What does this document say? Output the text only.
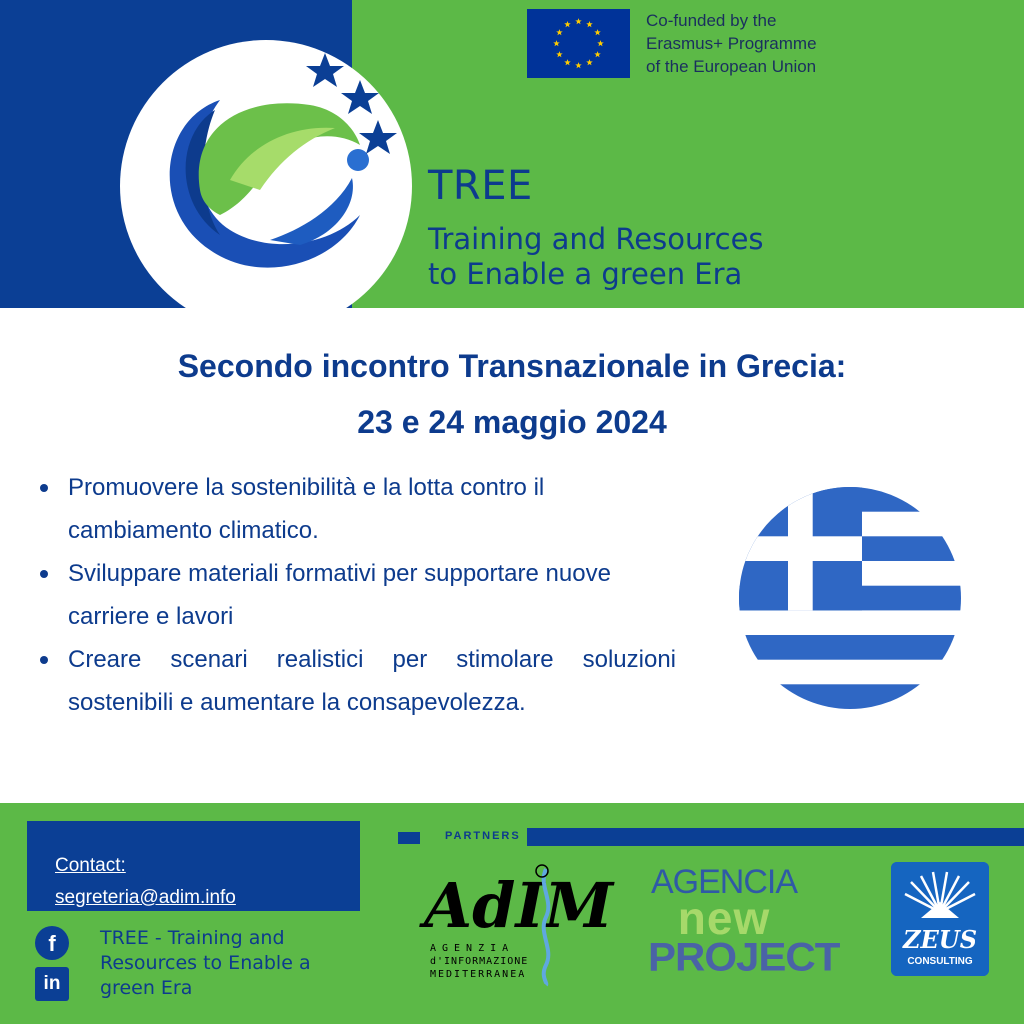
Co-funded by the
Erasmus+ Programme
of the European Union
TREE
Training and Resources
to Enable a green Era
Secondo incontro Transnazionale in Grecia:
23 e 24 maggio 2024
Promuovere la sostenibilità e la lotta contro il cambiamento climatico.
Sviluppare materiali formativi per supportare nuove carriere e lavori
Creare scenari realistici per stimolare soluzioni sostenibili e aumentare la consapevolezza.
Contact:
segreteria@adim.info
f
in
TREE - Training and Resources to Enable a green Era
PARTNERS
AdIM
AGENZIA
d'INFORMAZIONE
MEDITERRANEA
AGENCIA
new
PROJECT	ZEUS
CONSULTING
